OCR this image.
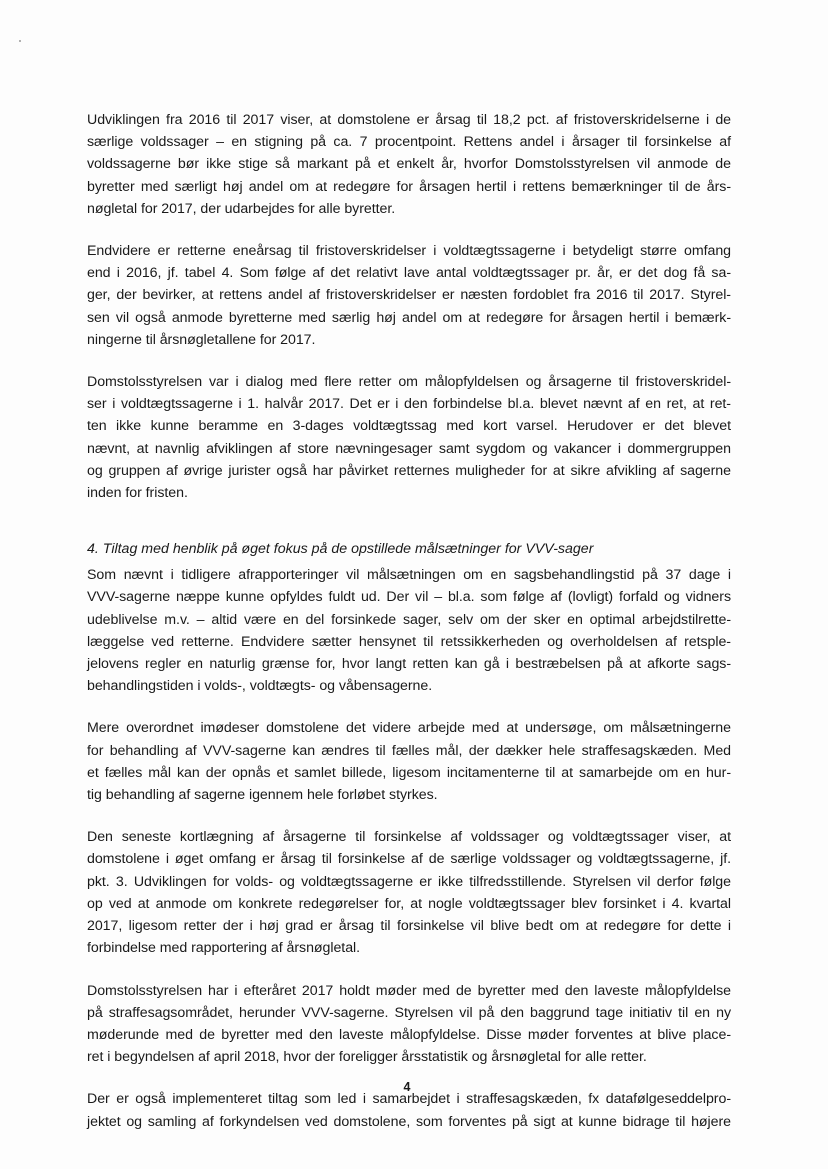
Udviklingen fra 2016 til 2017 viser, at domstolene er årsag til 18,2 pct. af fristoverskridelserne i de
særlige voldssager – en stigning på ca. 7 procentpoint. Rettens andel i årsager til forsinkelse af
voldssagerne bør ikke stige så markant på et enkelt år, hvorfor Domstolsstyrelsen vil anmode de
byretter med særligt høj andel om at redegøre for årsagen hertil i rettens bemærkninger til de års-
nøgletal for 2017, der udarbejdes for alle byretter.

Endvidere er retterne eneårsag til fristoverskridelser i voldtægtssagerne i betydeligt større omfang
end i 2016, jf. tabel 4. Som følge af det relativt lave antal voldtægtssager pr. år, er det dog få sa-
ger, der bevirker, at rettens andel af fristoverskridelser er næsten fordoblet fra 2016 til 2017. Styrel-
sen vil også anmode byretterne med særlig høj andel om at redegøre for årsagen hertil i bemærk-
ningerne til årsnøgletallene for 2017.

Domstolsstyrelsen var i dialog med flere retter om målopfyldelsen og årsagerne til fristoverskridel-
ser i voldtægtssagerne i 1. halvår 2017. Det er i den forbindelse bl.a. blevet nævnt af en ret, at ret-
ten ikke kunne beramme en 3-dages voldtægtssag med kort varsel. Herudover er det blevet
nævnt, at navnlig afviklingen af store nævningesager samt sygdom og vakancer i dommergruppen
og gruppen af øvrige jurister også har påvirket retternes muligheder for at sikre afvikling af sagerne
inden for fristen.

4. Tiltag med henblik på øget fokus på de opstillede målsætninger for VVV-sager

Som nævnt i tidligere afrapporteringer vil målsætningen om en sagsbehandlingstid på 37 dage i
VVV-sagerne næppe kunne opfyldes fuldt ud. Der vil – bl.a. som følge af (lovligt) forfald og vidners
udeblivelse m.v. – altid være en del forsinkede sager, selv om der sker en optimal arbejdstilrette-
læggelse ved retterne. Endvidere sætter hensynet til retssikkerheden og overholdelsen af retsple-
jelovens regler en naturlig grænse for, hvor langt retten kan gå i bestræbelsen på at afkorte sags-
behandlingstiden i volds-, voldtægts- og våbensagerne.

Mere overordnet imødeser domstolene det videre arbejde med at undersøge, om målsætningerne
for behandling af VVV-sagerne kan ændres til fælles mål, der dækker hele straffesagskæden. Med
et fælles mål kan der opnås et samlet billede, ligesom incitamenterne til at samarbejde om en hur-
tig behandling af sagerne igennem hele forløbet styrkes.

Den seneste kortlægning af årsagerne til forsinkelse af voldssager og voldtægtssager viser, at
domstolene i øget omfang er årsag til forsinkelse af de særlige voldssager og voldtægtssagerne, jf.
pkt. 3. Udviklingen for volds- og voldtægtssagerne er ikke tilfredsstillende. Styrelsen vil derfor følge
op ved at anmode om konkrete redegørelser for, at nogle voldtægtssager blev forsinket i 4. kvartal
2017, ligesom retter der i høj grad er årsag til forsinkelse vil blive bedt om at redegøre for dette i
forbindelse med rapportering af årsnøgletal.

Domstolsstyrelsen har i efteråret 2017 holdt møder med de byretter med den laveste målopfyldelse
på straffesagsområdet, herunder VVV-sagerne. Styrelsen vil på den baggrund tage initiativ til en ny
møderunde med de byretter med den laveste målopfyldelse. Disse møder forventes at blive place-
ret i begyndelsen af april 2018, hvor der foreligger årsstatistik og årsnøgletal for alle retter.

Der er også implementeret tiltag som led i samarbejdet i straffesagskæden, fx datafølgeseddelpro-
jektet og samling af forkyndelsen ved domstolene, som forventes på sigt at kunne bidrage til højere

4
